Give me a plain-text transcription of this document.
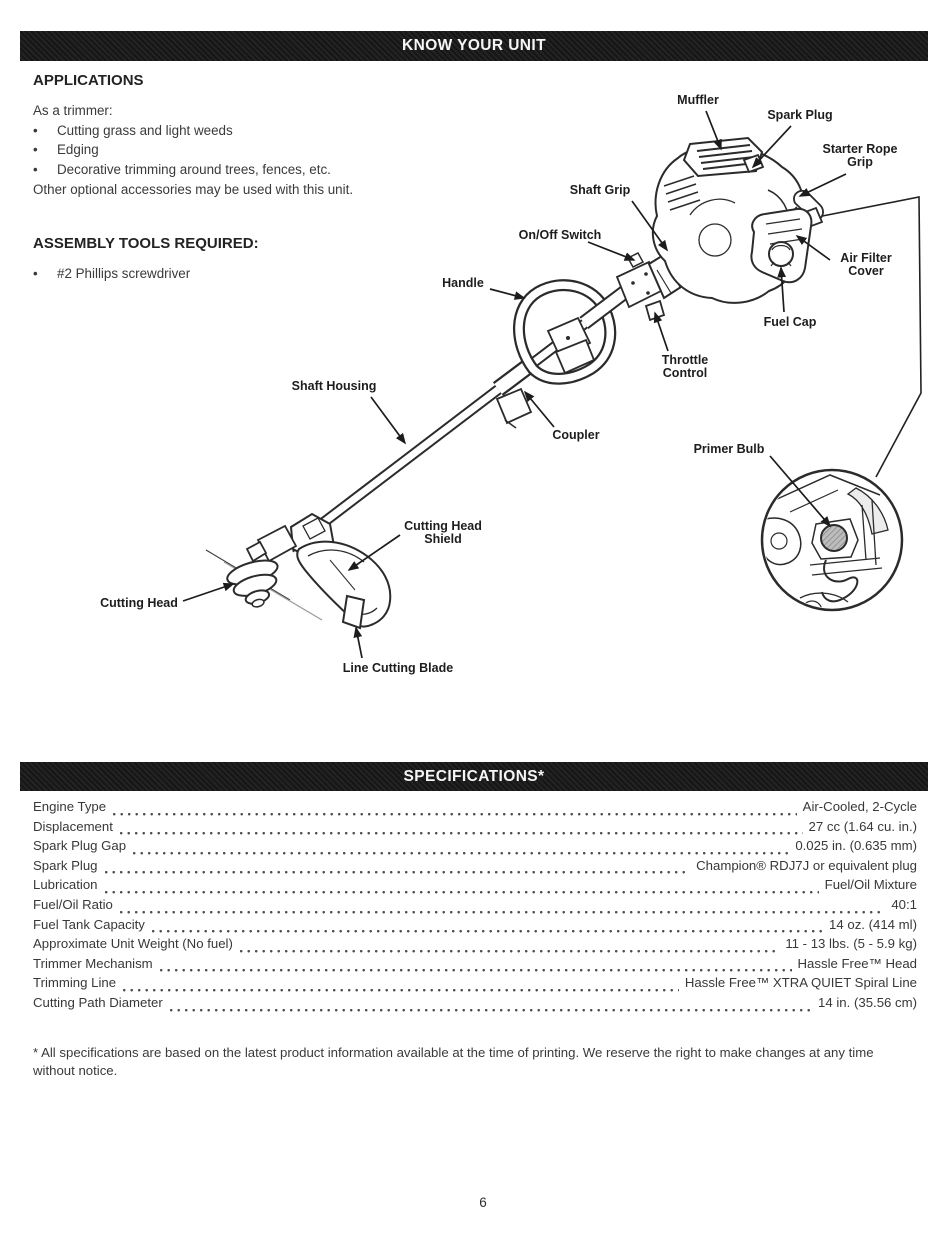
KNOW YOUR UNIT
APPLICATIONS
As a trimmer:
• Cutting grass and light weeds
• Edging
• Decorative trimming around trees, fences, etc.
Other optional accessories may be used with this unit.
ASSEMBLY TOOLS REQUIRED:
• #2 Phillips screwdriver
Muffler
Spark Plug
Starter Rope Grip
Shaft Grip
On/Off Switch
Air Filter Cover
Handle
Fuel Cap
Throttle Control
Shaft Housing
Coupler
Primer Bulb
Cutting Head Shield
Cutting Head
Line Cutting Blade
SPECIFICATIONS*
Engine Type	Air-Cooled, 2-Cycle
Displacement	27 cc (1.64 cu. in.)
Spark Plug Gap	0.025 in. (0.635 mm)
Spark Plug	Champion® RDJ7J or equivalent plug
Lubrication	Fuel/Oil Mixture
Fuel/Oil Ratio	40:1
Fuel Tank Capacity	14 oz. (414 ml)
Approximate Unit Weight (No fuel)	11 - 13 lbs. (5 - 5.9 kg)
Trimmer Mechanism	Hassle Free™ Head
Trimming Line	Hassle Free™ XTRA QUIET Spiral Line
Cutting Path Diameter	14 in. (35.56 cm)
* All specifications are based on the latest product information available at the time of printing. We reserve the right to make changes at any time without notice.
6
